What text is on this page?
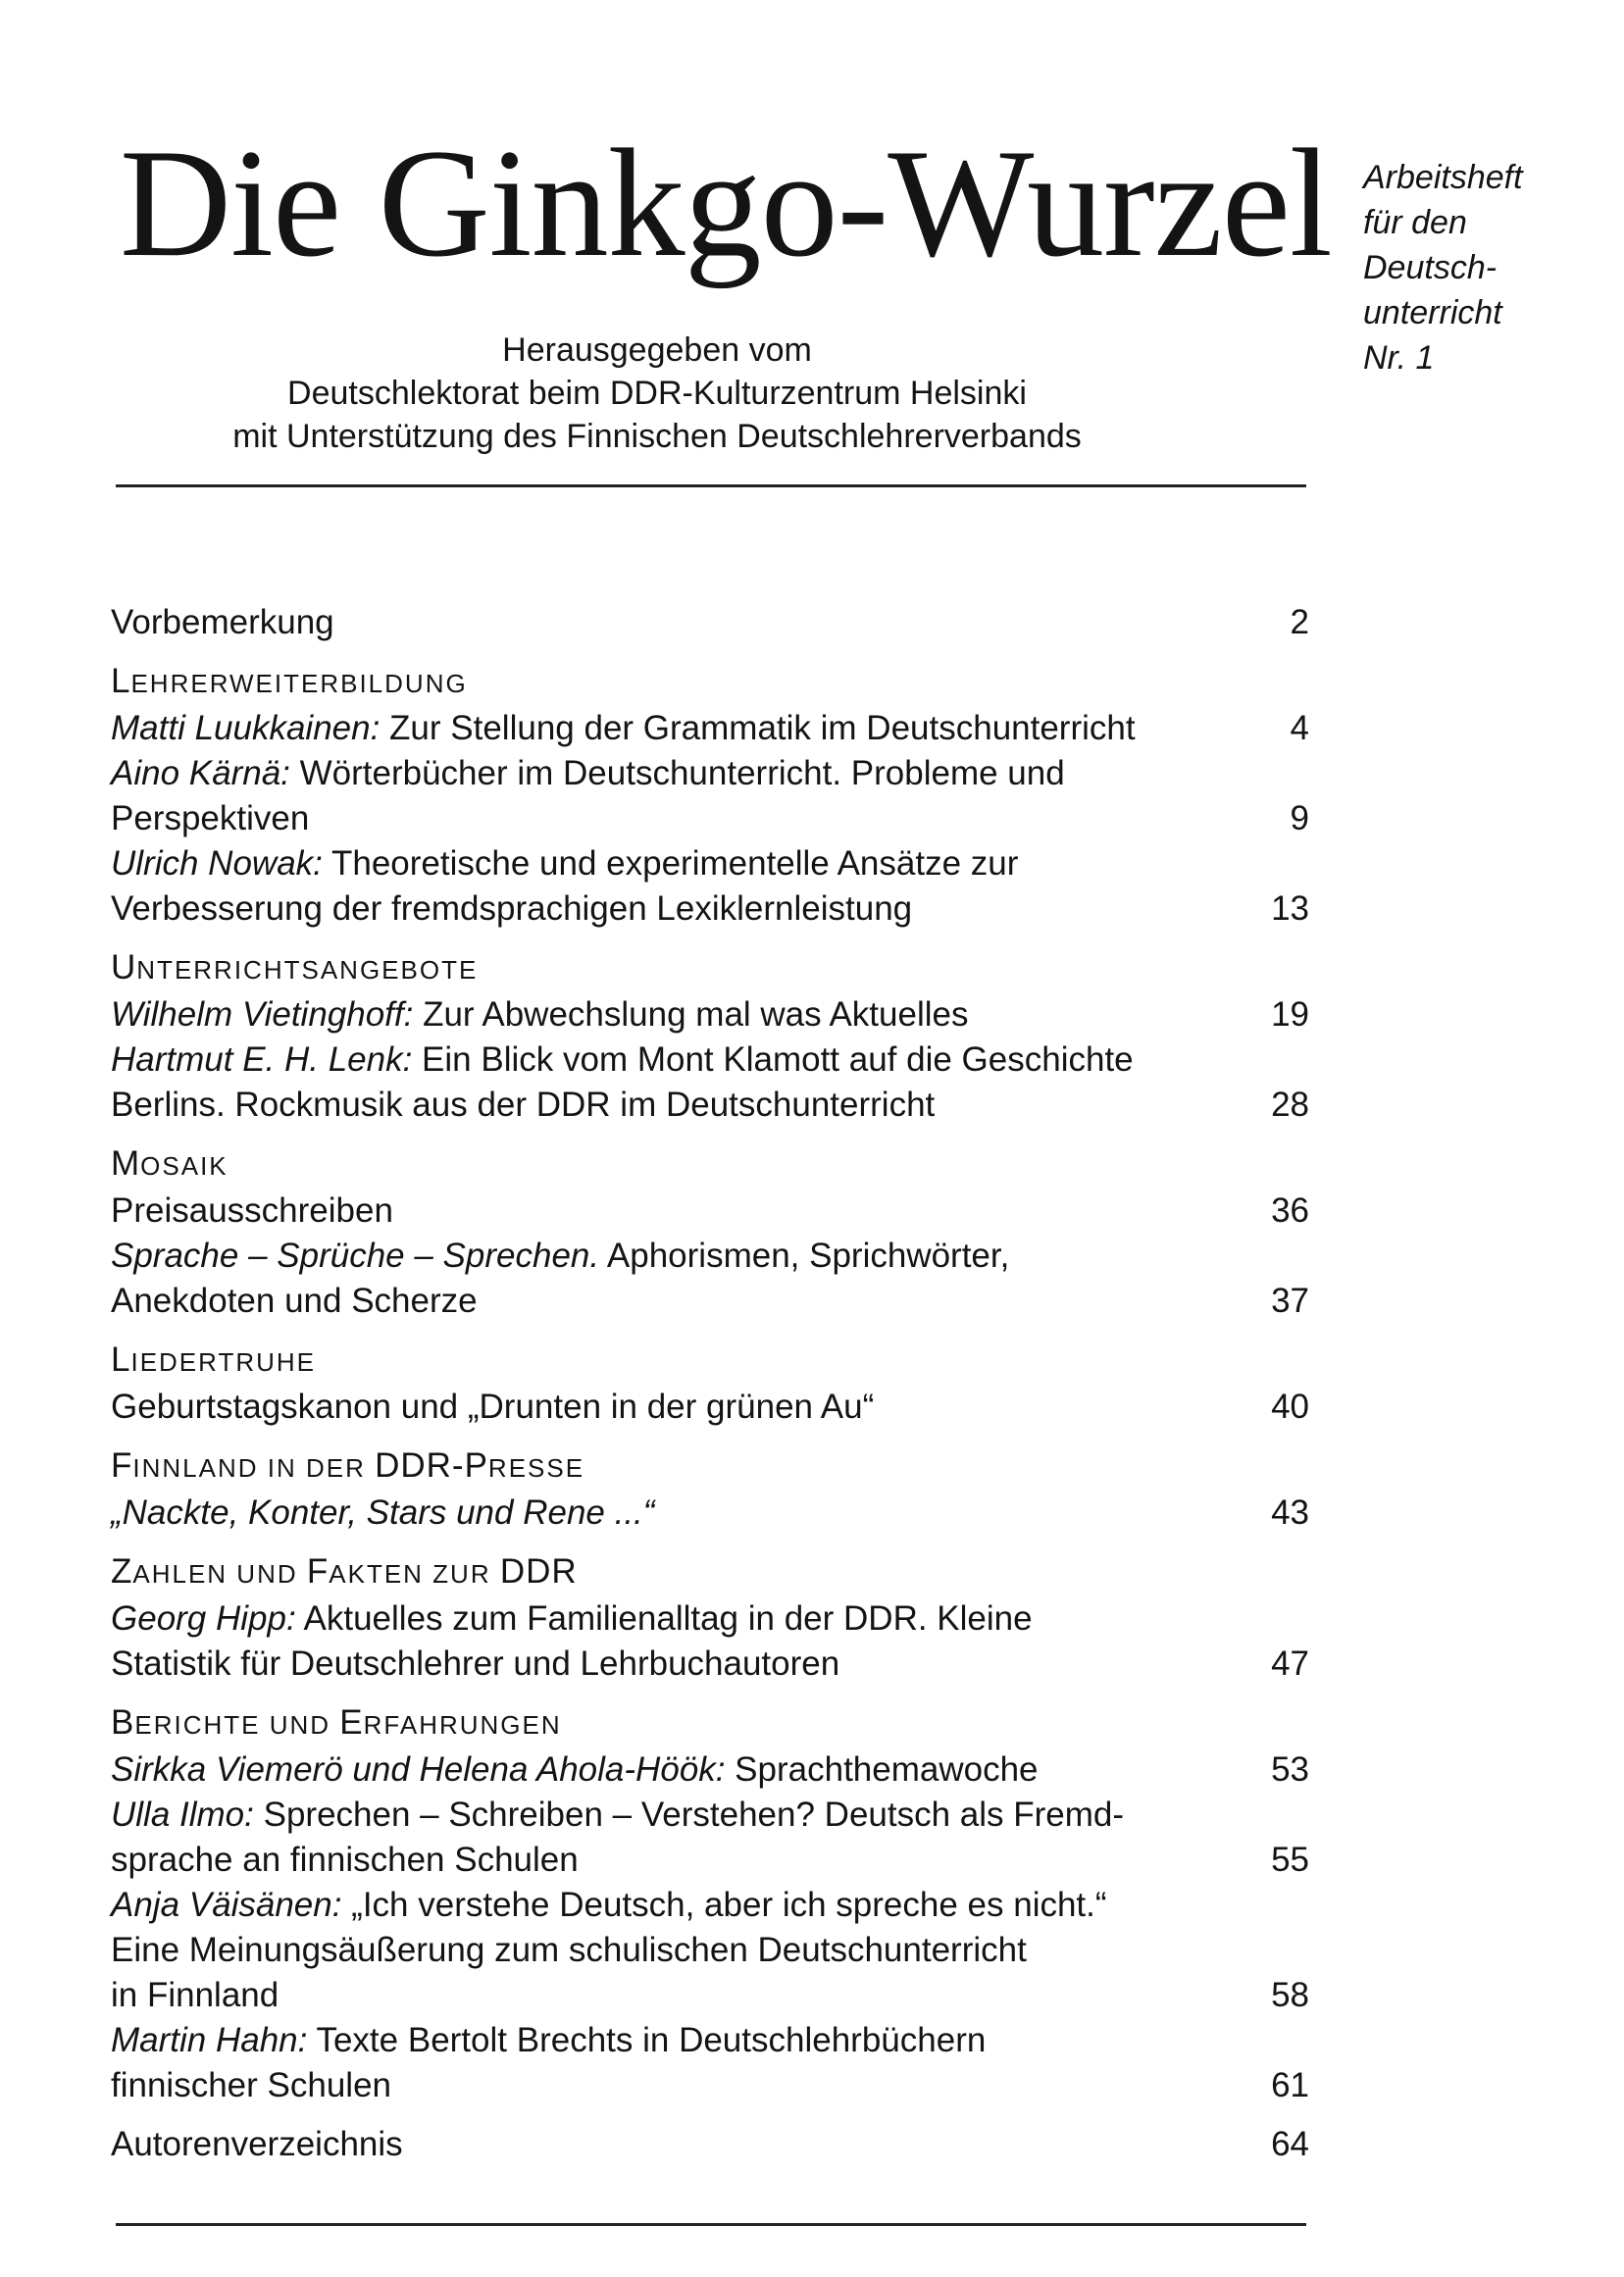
Die Ginkgo-Wurzel Arbeitsheft
für den
Deutsch-
unterricht
Nr. 1
Herausgegeben vom
Deutschlektorat beim DDR-Kulturzentrum Helsinki
mit Unterstützung des Finnischen Deutschlehrerverbands
Vorbemerkung	2
LEHRERWEITERBILDUNG
Matti Luukkainen: Zur Stellung der Grammatik im Deutschunterricht	4
Aino Kärnä: Wörterbücher im Deutschunterricht. Probleme und
Perspektiven	9
Ulrich Nowak: Theoretische und experimentelle Ansätze zur
Verbesserung der fremdsprachigen Lexiklernleistung	13
UNTERRICHTSANGEBOTE
Wilhelm Vietinghoff: Zur Abwechslung mal was Aktuelles	19
Hartmut E. H. Lenk: Ein Blick vom Mont Klamott auf die Geschichte
Berlins. Rockmusik aus der DDR im Deutschunterricht	28
MOSAIK
Preisausschreiben	36
Sprache – Sprüche – Sprechen. Aphorismen, Sprichwörter,
Anekdoten und Scherze	37
LIEDERTRUHE
Geburtstagskanon und „Drunten in der grünen Au“	40
FINNLAND IN DER DDR-PRESSE
„Nackte, Konter, Stars und Rene ...“	43
ZAHLEN UND FAKTEN ZUR DDR
Georg Hipp: Aktuelles zum Familienalltag in der DDR. Kleine
Statistik für Deutschlehrer und Lehrbuchautoren	47
BERICHTE UND ERFAHRUNGEN
Sirkka Viemerö und Helena Ahola-Höök: Sprachthemawoche	53
Ulla Ilmo: Sprechen – Schreiben – Verstehen? Deutsch als Fremd-
sprache an finnischen Schulen	55
Anja Väisänen: „Ich verstehe Deutsch, aber ich spreche es nicht.“
Eine Meinungsäußerung zum schulischen Deutschunterricht
in Finnland	58
Martin Hahn: Texte Bertolt Brechts in Deutschlehrbüchern
finnischer Schulen	61
Autorenverzeichnis	64
